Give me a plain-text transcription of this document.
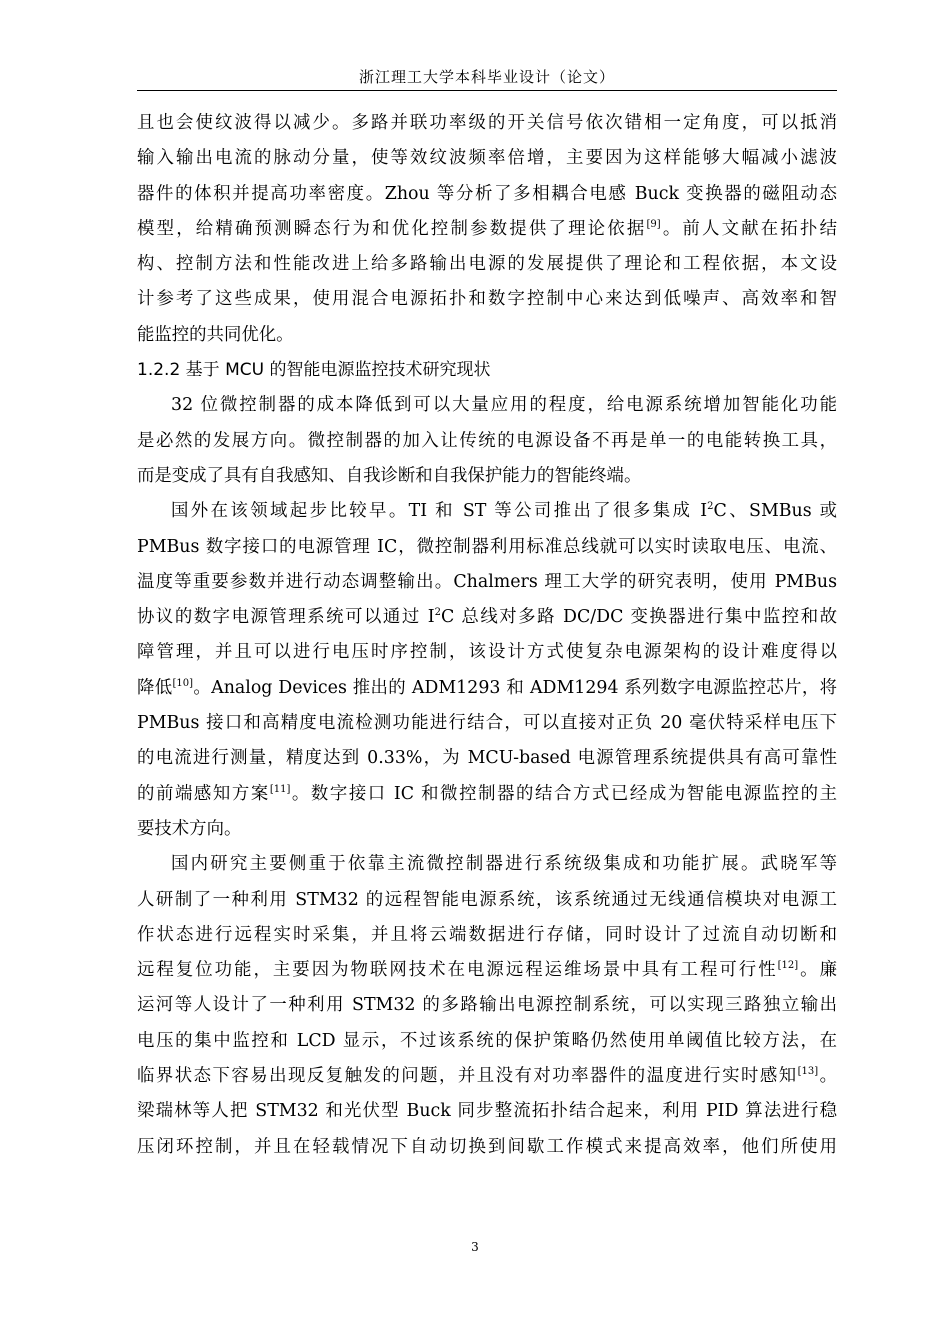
浙江理工大学本科毕业设计（论文）
且也会使纹波得以减少。多路并联功率级的开关信号依次错相一定角度，可以抵消
输入输出电流的脉动分量，使等效纹波频率倍增，主要因为这样能够大幅减小滤波
器件的体积并提高功率密度。Zhou 等分析了多相耦合电感 Buck 变换器的磁阻动态
模型，给精确预测瞬态行为和优化控制参数提供了理论依据[9]。前人文献在拓扑结
构、控制方法和性能改进上给多路输出电源的发展提供了理论和工程依据，本文设
计参考了这些成果，使用混合电源拓扑和数字控制中心来达到低噪声、高效率和智
能监控的共同优化。
1.2.2 基于 MCU 的智能电源监控技术研究现状
32 位微控制器的成本降低到可以大量应用的程度，给电源系统增加智能化功能
是必然的发展方向。微控制器的加入让传统的电源设备不再是单一的电能转换工具，
而是变成了具有自我感知、自我诊断和自我保护能力的智能终端。
国外在该领域起步比较早。TI 和 ST 等公司推出了很多集成 $I^2C$、SMBus 或
PMBus 数字接口的电源管理 IC，微控制器利用标准总线就可以实时读取电压、电流、
温度等重要参数并进行动态调整输出。Chalmers 理工大学的研究表明，使用 PMBus
协议的数字电源管理系统可以通过 $I^2C$ 总线对多路 DC/DC 变换器进行集中监控和故
障管理，并且可以进行电压时序控制，该设计方式使复杂电源架构的设计难度得以
降低[10]。Analog Devices 推出的 ADM1293 和 ADM1294 系列数字电源监控芯片，将
PMBus 接口和高精度电流检测功能进行结合，可以直接对正负 20 毫伏特采样电压下
的电流进行测量，精度达到 0.33%，为 MCU-based 电源管理系统提供具有高可靠性
的前端感知方案[11]。数字接口 IC 和微控制器的结合方式已经成为智能电源监控的主
要技术方向。
国内研究主要侧重于依靠主流微控制器进行系统级集成和功能扩展。武晓军等
人研制了一种利用 STM32 的远程智能电源系统，该系统通过无线通信模块对电源工
作状态进行远程实时采集，并且将云端数据进行存储，同时设计了过流自动切断和
远程复位功能，主要因为物联网技术在电源远程运维场景中具有工程可行性[12]。廉
运河等人设计了一种利用 STM32 的多路输出电源控制系统，可以实现三路独立输出
电压的集中监控和 LCD 显示，不过该系统的保护策略仍然使用单阈值比较方法，在
临界状态下容易出现反复触发的问题，并且没有对功率器件的温度进行实时感知[13]。
梁瑞林等人把 STM32 和光伏型 Buck 同步整流拓扑结合起来，利用 PID 算法进行稳
压闭环控制，并且在轻载情况下自动切换到间歇工作模式来提高效率，他们所使用
3
